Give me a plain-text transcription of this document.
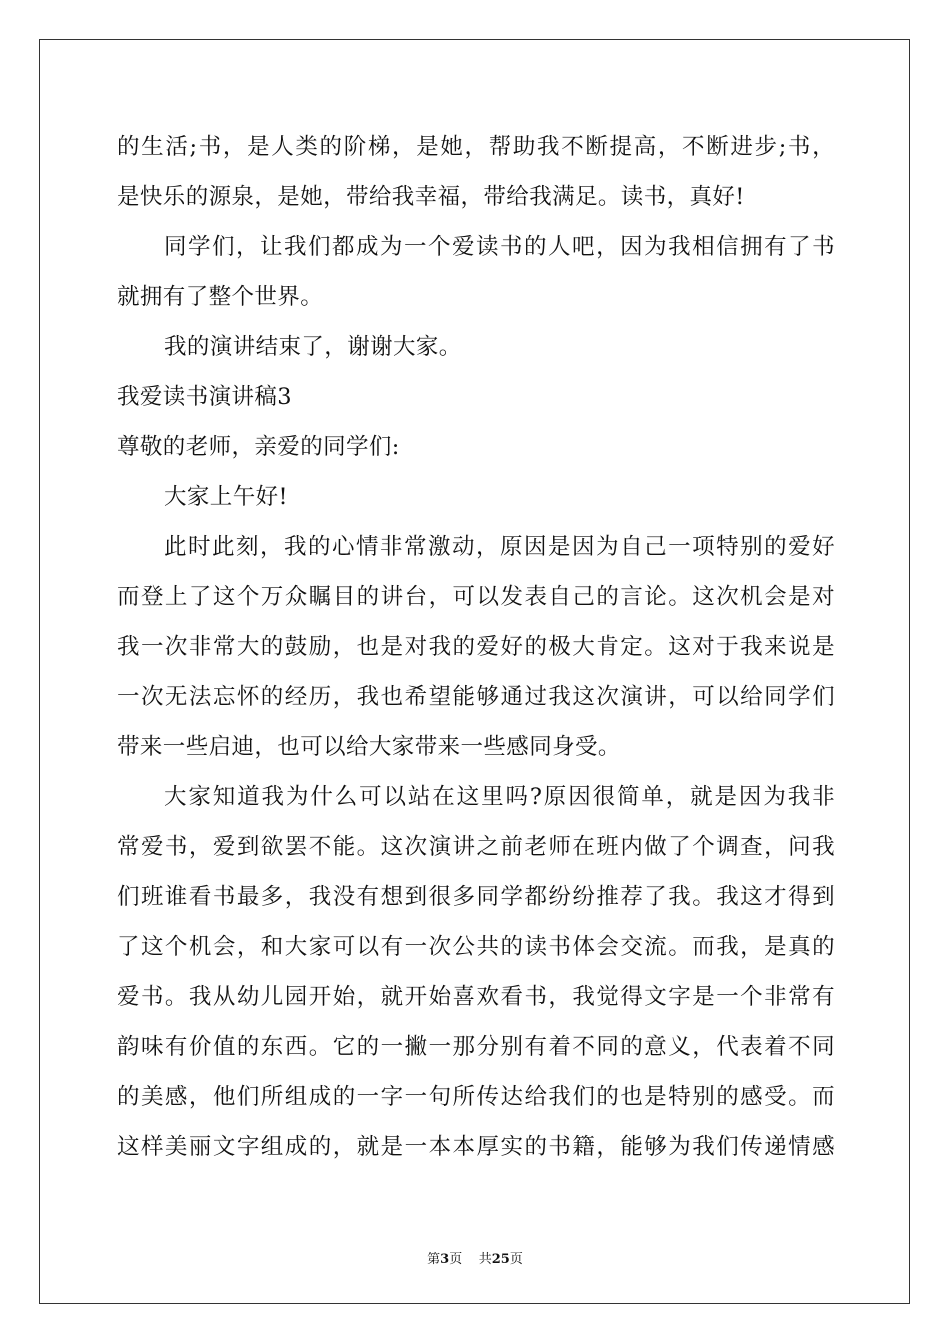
的生活;书，是人类的阶梯，是她，帮助我不断提高，不断进步;书，
是快乐的源泉，是她，带给我幸福，带给我满足。读书，真好!
同学们，让我们都成为一个爱读书的人吧，因为我相信拥有了书
就拥有了整个世界。
我的演讲结束了，谢谢大家。
我爱读书演讲稿3
尊敬的老师，亲爱的同学们:
大家上午好!
此时此刻，我的心情非常激动，原因是因为自己一项特别的爱好
而登上了这个万众瞩目的讲台，可以发表自己的言论。这次机会是对
我一次非常大的鼓励，也是对我的爱好的极大肯定。这对于我来说是
一次无法忘怀的经历，我也希望能够通过我这次演讲，可以给同学们
带来一些启迪，也可以给大家带来一些感同身受。
大家知道我为什么可以站在这里吗?原因很简单，就是因为我非
常爱书，爱到欲罢不能。这次演讲之前老师在班内做了个调查，问我
们班谁看书最多，我没有想到很多同学都纷纷推荐了我。我这才得到
了这个机会，和大家可以有一次公共的读书体会交流。而我，是真的
爱书。我从幼儿园开始，就开始喜欢看书，我觉得文字是一个非常有
韵味有价值的东西。它的一撇一那分别有着不同的意义，代表着不同
的美感，他们所组成的一字一句所传达给我们的也是特别的感受。而
这样美丽文字组成的，就是一本本厚实的书籍，能够为我们传递情感
第3页 共25页
